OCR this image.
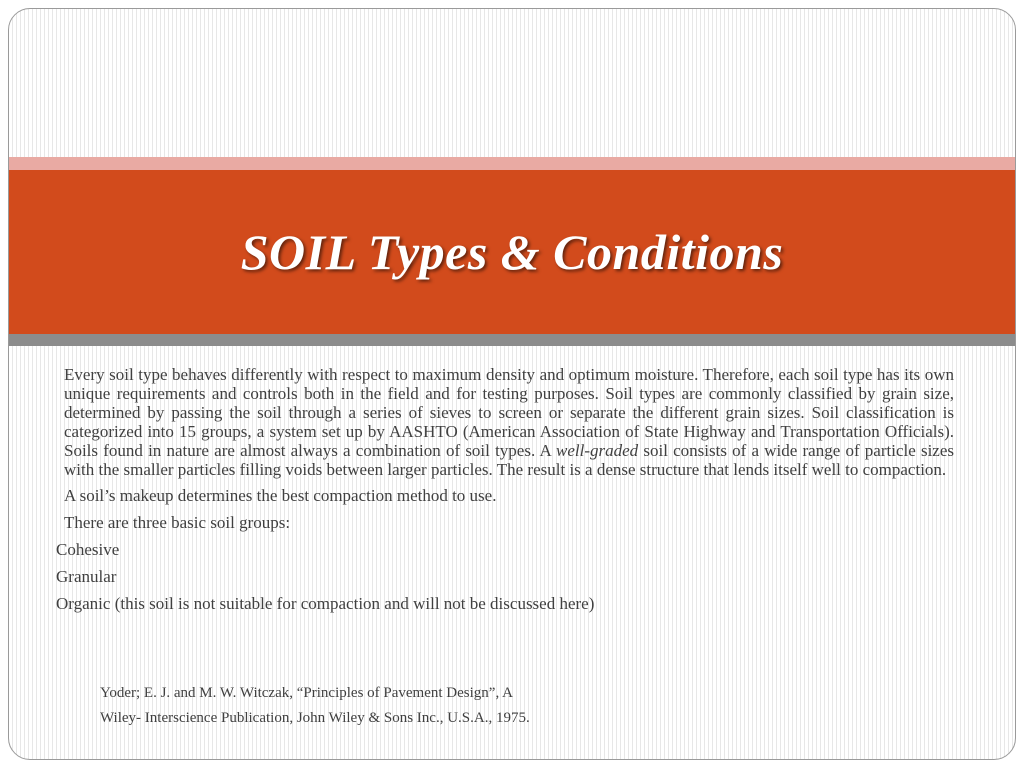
SOIL Types & Conditions

Every soil type behaves differently with respect to maximum density and optimum moisture. Therefore, each soil type has its own unique requirements and controls both in the field and for testing purposes. Soil types are commonly classified by grain size, determined by passing the soil through a series of sieves to screen or separate the different grain sizes. Soil classification is categorized into 15 groups, a system set up by AASHTO (American Association of State Highway and Transportation Officials). Soils found in nature are almost always a combination of soil types. A well-graded soil consists of a wide range of particle sizes with the smaller particles filling voids between larger particles. The result is a dense structure that lends itself well to compaction.

A soil’s makeup determines the best compaction method to use.
There are three basic soil groups:
Cohesive
Granular
Organic (this soil is not suitable for compaction and will not be discussed here)
Yoder; E. J. and M. W. Witczak, “Principles of Pavement Design”, A
Wiley- Interscience Publication, John Wiley & Sons Inc., U.S.A., 1975.
